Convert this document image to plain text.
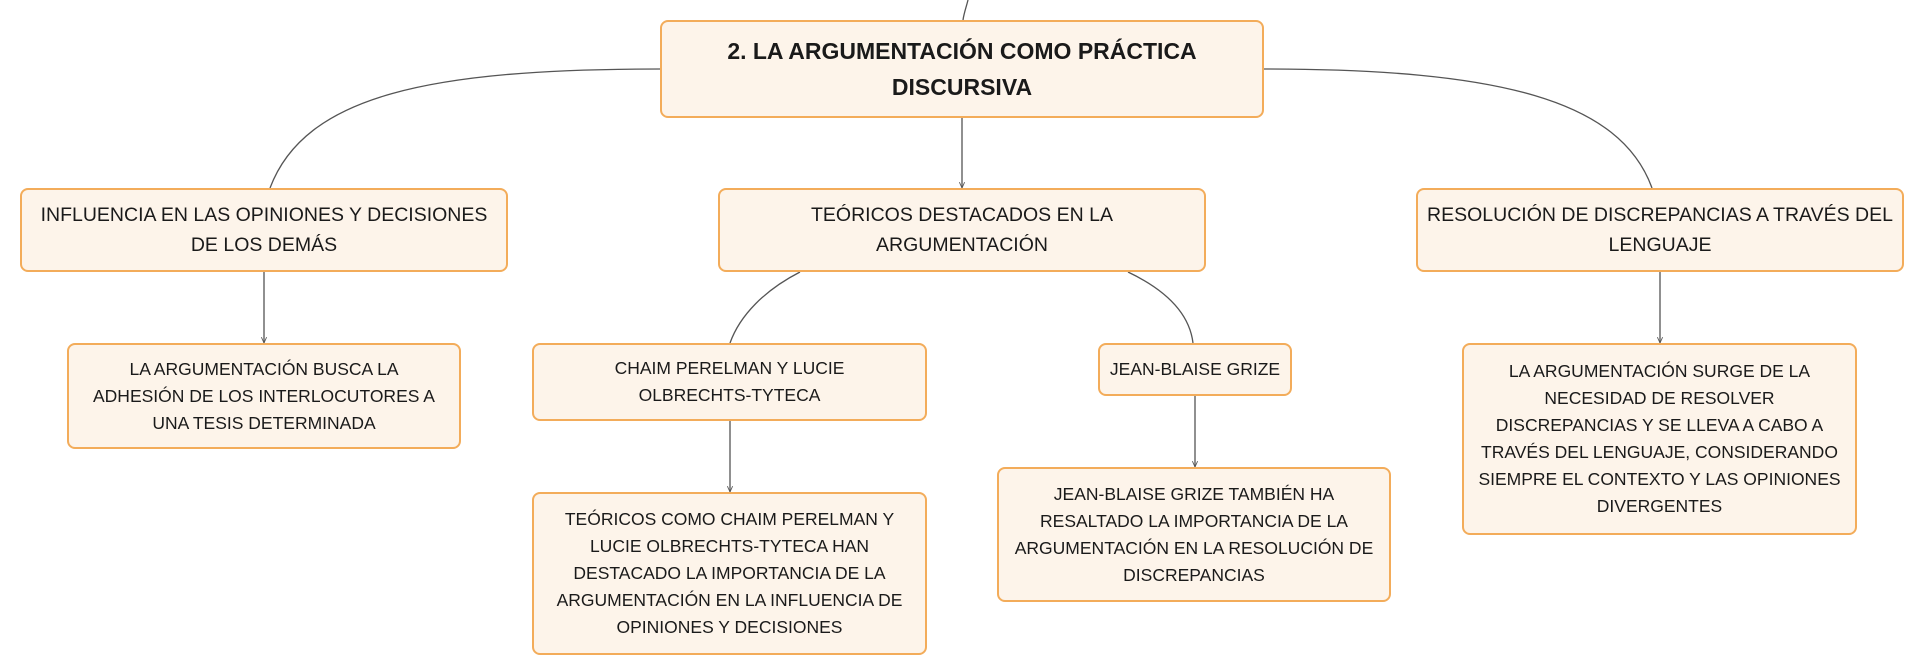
2. LA ARGUMENTACIÓN COMO PRÁCTICA DISCURSIVA
INFLUENCIA EN LAS OPINIONES Y DECISIONES DE LOS DEMÁS
TEÓRICOS DESTACADOS EN LA ARGUMENTACIÓN
RESOLUCIÓN DE DISCREPANCIAS A TRAVÉS DEL LENGUAJE
LA ARGUMENTACIÓN BUSCA LA ADHESIÓN DE LOS INTERLOCUTORES A UNA TESIS DETERMINADA
CHAIM PERELMAN Y LUCIE OLBRECHTS-TYTECA
JEAN-BLAISE GRIZE	LA ARGUMENTACIÓN SURGE DE LA NECESIDAD DE RESOLVER DISCREPANCIAS Y SE LLEVA A CABO A TRAVÉS DEL LENGUAJE, CONSIDERANDO SIEMPRE EL CONTEXTO Y LAS OPINIONES DIVERGENTES
TEÓRICOS COMO CHAIM PERELMAN Y LUCIE OLBRECHTS-TYTECA HAN DESTACADO LA IMPORTANCIA DE LA ARGUMENTACIÓN EN LA INFLUENCIA DE OPINIONES Y DECISIONES
JEAN-BLAISE GRIZE TAMBIÉN HA RESALTADO LA IMPORTANCIA DE LA ARGUMENTACIÓN EN LA RESOLUCIÓN DE DISCREPANCIAS
